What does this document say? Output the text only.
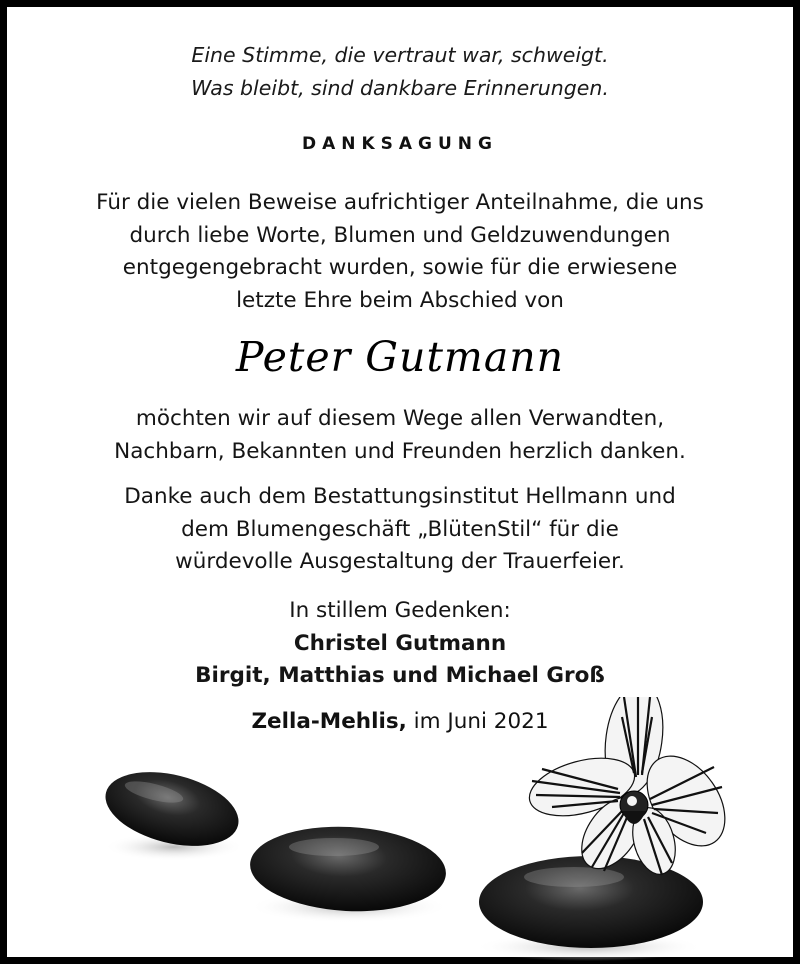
Eine Stimme, die vertraut war, schweigt.
Was bleibt, sind dankbare Erinnerungen.
DANKSAGUNG
Für die vielen Beweise aufrichtiger Anteilnahme, die uns
durch liebe Worte, Blumen und Geldzuwendungen
entgegengebracht wurden, sowie für die erwiesene
letzte Ehre beim Abschied von
Peter Gutmann
möchten wir auf diesem Wege allen Verwandten,
Nachbarn, Bekannten und Freunden herzlich danken.
Danke auch dem Bestattungsinstitut Hellmann und
dem Blumengeschäft „BlütenStil“ für die
würdevolle Ausgestaltung der Trauerfeier.
In stillem Gedenken:
Christel Gutmann
Birgit, Matthias und Michael Groß
Zella-Mehlis, im Juni 2021
